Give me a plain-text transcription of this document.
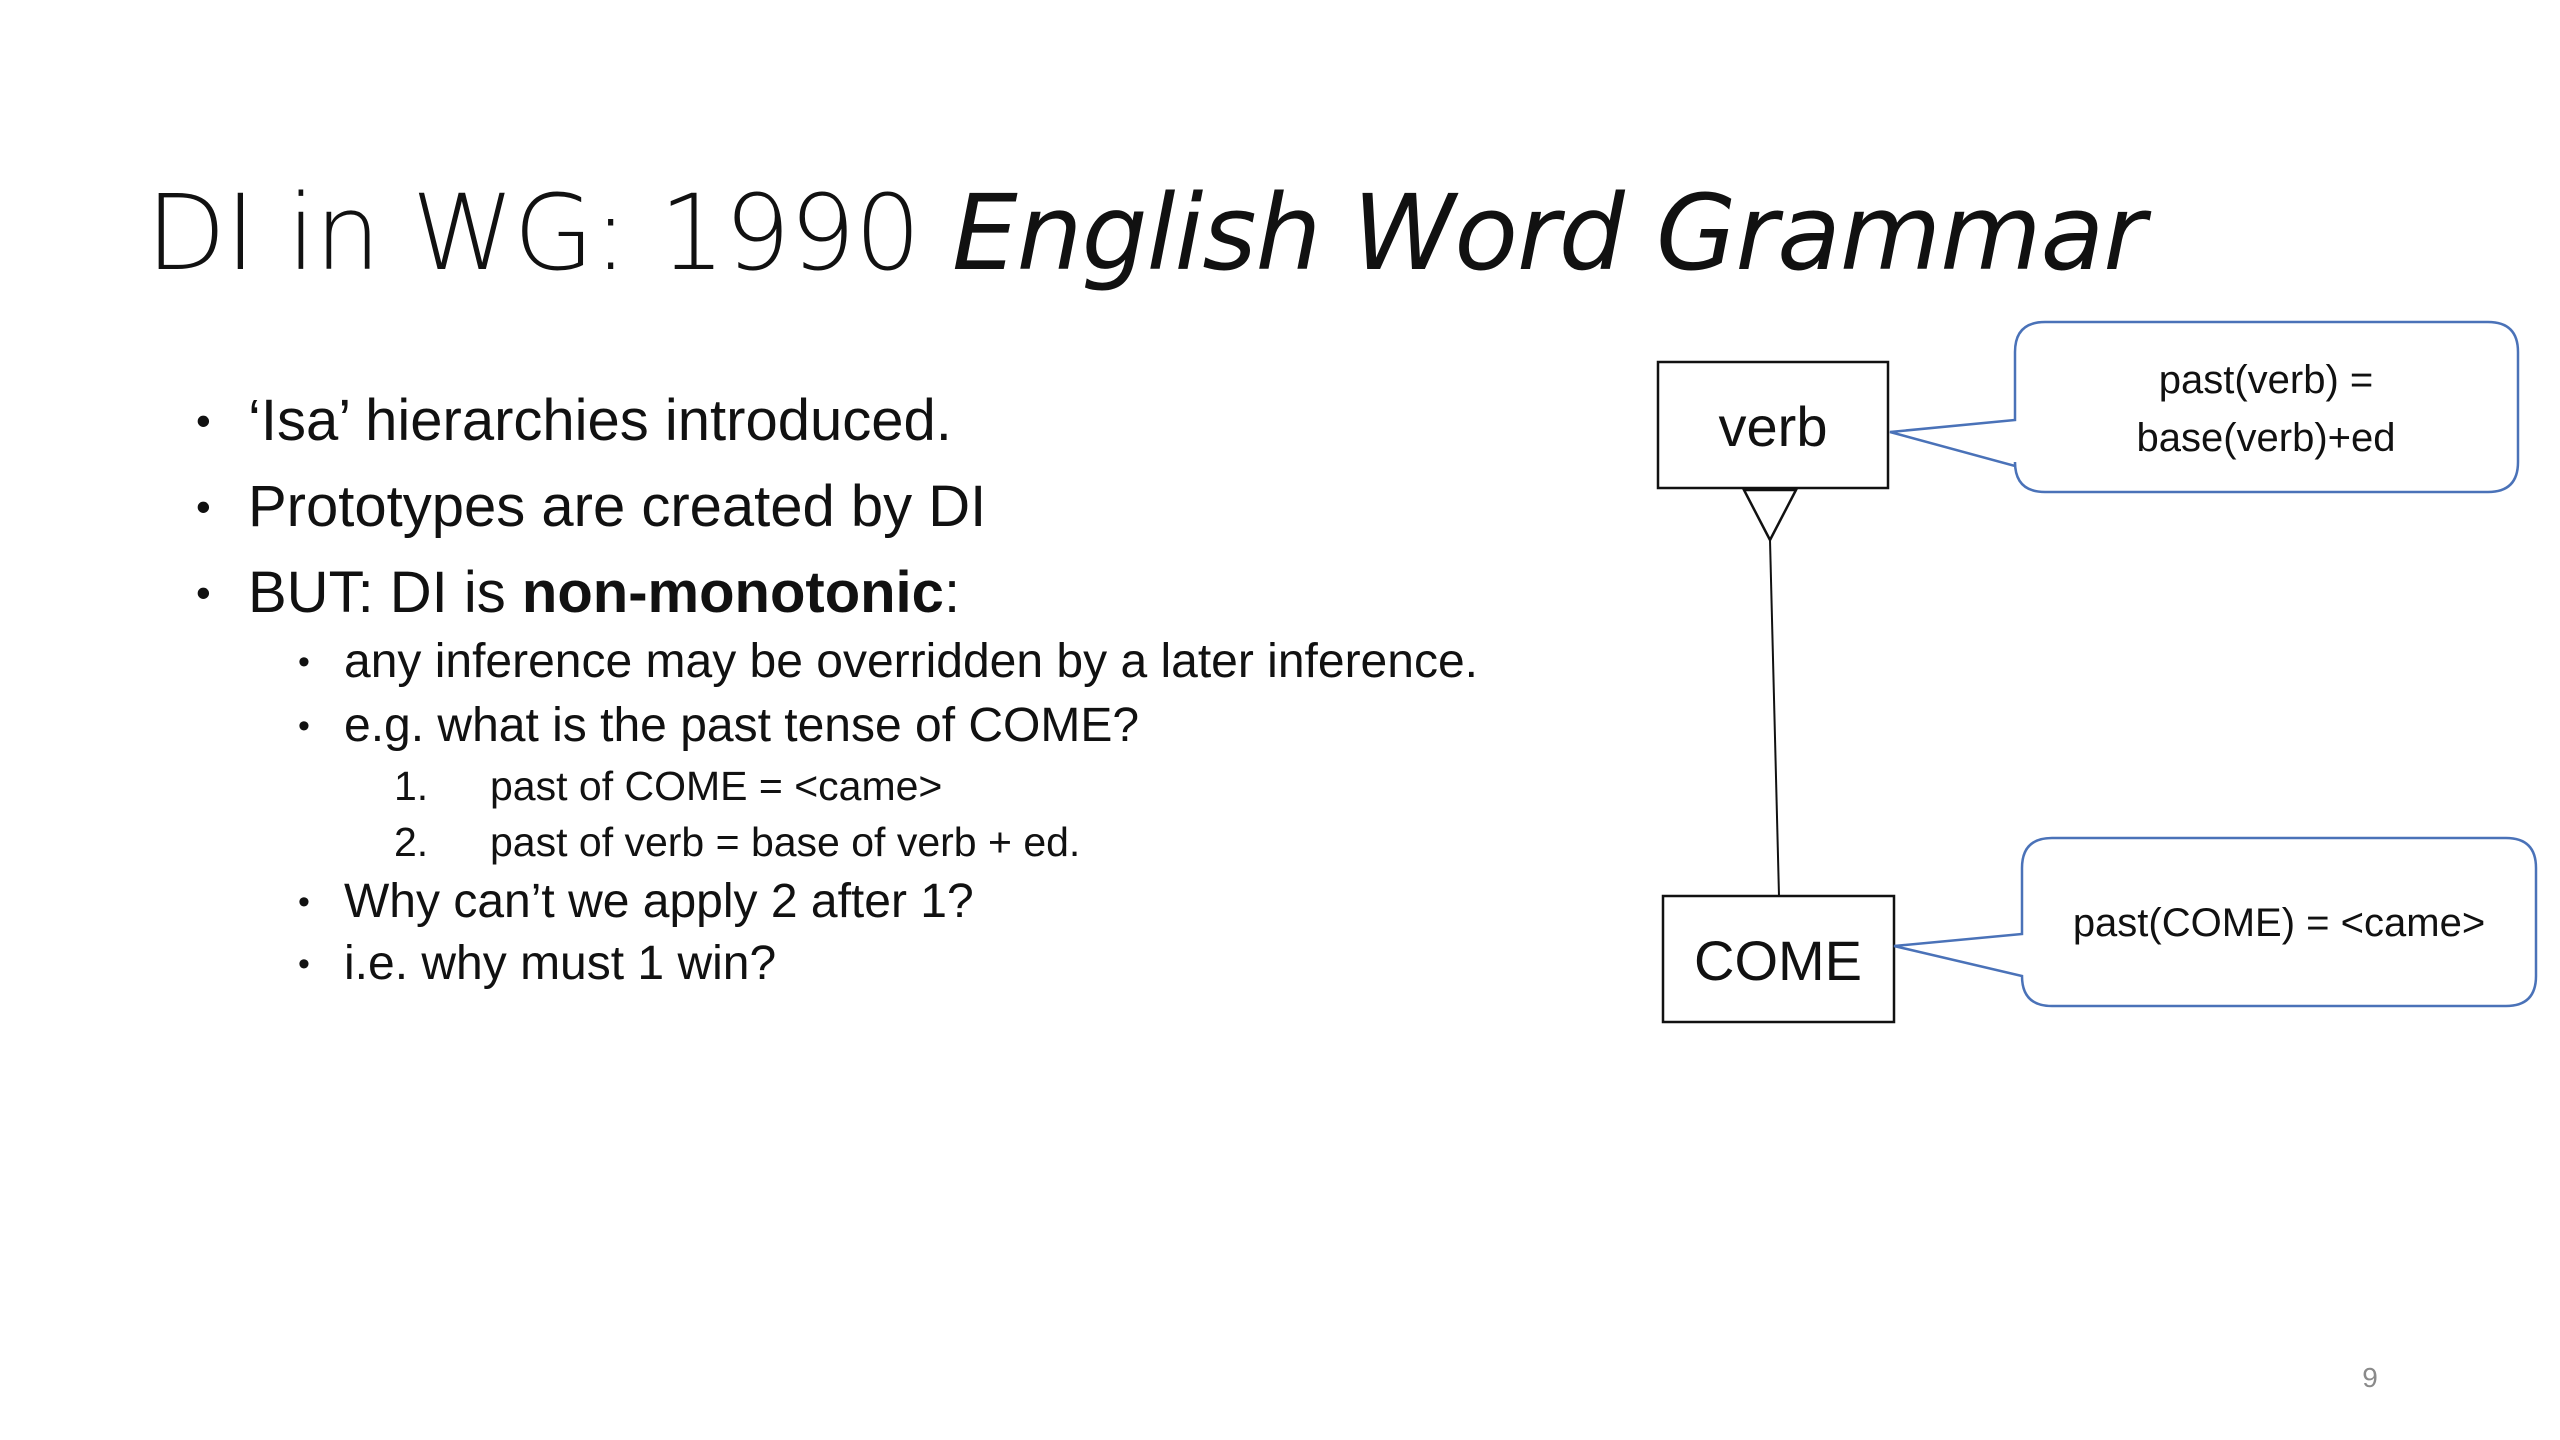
DI in WG: 1990 English Word Grammar
• ‘Isa’ hierarchies introduced.
• Prototypes are created by DI
• BUT: DI is non-monotonic:
• any inference may be overridden by a later inference.
• e.g. what is the past tense of COME?
1. past of COME = <came>
2. past of verb = base of verb + ed.
• Why can’t we apply 2 after 1?
• i.e. why must 1 win?
verb
COME
past(verb) =
base(verb)+ed
past(COME) = <came>
9
